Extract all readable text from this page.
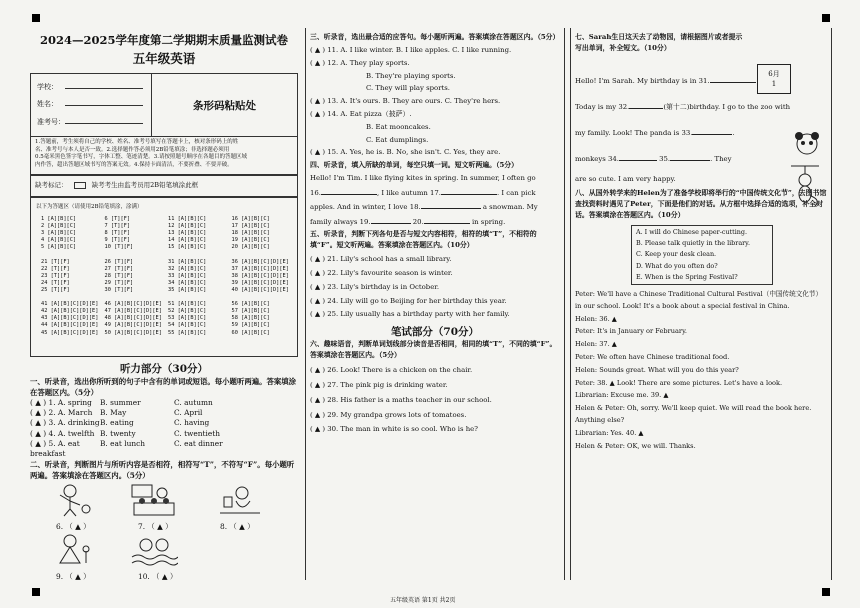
2024—2025学年度第二学期期末质量监测试卷
五年级英语
学校：
姓名：
准考号：
条形码粘贴处
1.答题前，考生须将自己的学校、姓名、准考号填写在答题卡上，核对条形码上的姓
名、准考号与本人是否一致。2.选择题作答必须用2B铅笔填涂；非选择题必须用
0.5毫米黑色签字笔书写，字体工整、笔迹清楚。3.请按照题号顺序在各题目的答题区域
内作答，超出答题区域书写的答案无效。4.保持卡面清洁，不要折叠、不要弄破。
缺考标记：	缺考考生由监考员用2B铅笔填涂此框
以下为答题区（请使用2B铅笔填涂，涂满）
1 [A][B][C]
2 [A][B][C]
3 [A][B][C]
4 [A][B][C]
5 [A][B][C]
21 [T][F]
22 [T][F]
23 [T][F]
24 [T][F]
25 [T][F]
41 [A][B][C][D][E]
42 [A][B][C][D][E]
43 [A][B][C][D][E]
44 [A][B][C][D][E]
45 [A][B][C][D][E]
6 [T][F]
7 [T][F]
8 [T][F]
9 [T][F]
10 [T][F]
26 [T][F]
27 [T][F]
28 [T][F]
29 [T][F]
30 [T][F]
46 [A][B][C][D][E]
47 [A][B][C][D][E]
48 [A][B][C][D][E]
49 [A][B][C][D][E]
50 [A][B][C][D][E]
11 [A][B][C]
12 [A][B][C]
13 [A][B][C]
14 [A][B][C]
15 [A][B][C]
31 [A][B][C]
32 [A][B][C]
33 [A][B][C]
34 [A][B][C]
35 [A][B][C]
51 [A][B][C]
52 [A][B][C]
53 [A][B][C]
54 [A][B][C]
55 [A][B][C]
16 [A][B][C]
17 [A][B][C]
18 [A][B][C]
19 [A][B][C]
20 [A][B][C]
36 [A][B][C][D][E]
37 [A][B][C][D][E]
38 [A][B][C][D][E]
39 [A][B][C][D][E]
40 [A][B][C][D][E]
56 [A][B][C]
57 [A][B][C]
58 [A][B][C]
59 [A][B][C]
60 [A][B][C]
听力部分（30分）
一、听录音，选出你所听到的句子中含有的单词或短语。每小题听两遍。答案填涂在答题区内。（5分）
( ▲ ) 1. A. spring	B. summer	C. autumn
( ▲ ) 2. A. March	B. May	C. April
( ▲ ) 3. A. drinking B. eating	C. having
( ▲ ) 4. A. twelfth B. twenty	C. twentieth
( ▲ ) 5. A. eat breakfast
B. eat lunch	C. eat dinner
二、听录音，判断图片与所听内容是否相符，相符写“T”，不符写“F”。每小题听两遍。答案填涂在答题区内。（5分）
6. （ ▲ ）	7. （ ▲ ）	8. （ ▲ ）
9. （ ▲ ）	10. （ ▲ ）
三、听录音，选出最合适的应答句。每小题听两遍。答案填涂在答题区内。（5分）
( ▲ ) 11. A. I like winter. B. I like apples. C. I like running.
( ▲ ) 12. A. They play sports.
B. They're playing sports.
C. They will play sports.
( ▲ ) 13. A. It's ours. B. They are ours. C. They're hers.
( ▲ ) 14. A. Eat pizza（披萨）.
B. Eat mooncakes.
C. Eat dumplings.
( ▲ ) 15. A. Yes, he is. B. No, she isn't. C. Yes, they are.
四、听录音，填入所缺的单词，每空只填一词。短文听两遍。（5分）
Hello! I'm Tim. I like flying kites in spring. In summer, I often go
16.	, I like autumn 17.	. I can pick
apples. And in winter, I love 18.	a snowman. My
family always 19.	20.	in spring.
五、听录音，判断下列各句是否与短文内容相符，相符的填“T”，不相符的填“F”。短文听两遍。答案填涂在答题区内。（10分）
( ▲ ) 21. Lily's school has a small library.
( ▲ ) 22. Lily's favourite season is winter.
( ▲ ) 23. Lily's birthday is in October.
( ▲ ) 24. Lily will go to Beijing for her birthday this year.
( ▲ ) 25. Lily usually has a birthday party with her family.
笔试部分（70分）
六、趣味语音，判断单词划线部分读音是否相同，相同的填“T”，不同的填“F”。答案填涂在答题区内。（5分）
( ▲ ) 26. Look! There is a chicken on the chair.
( ▲ ) 27. The pink pig is drinking water.
( ▲ ) 28. His father is a maths teacher in our school.
( ▲ ) 29. My grandpa grows lots of tomatoes.
( ▲ ) 30. The man in white is so cool. Who is he?
七、Sarah生日这天去了动物园，请根据图片或者提示写出单词，补全短文。（10分）
6月
1
Hello! I'm Sarah. My birthday is in 31.
Today is my 32.	(第十二)birthday. I go to the zoo with
my family. Look! The panda is 33.	.
monkeys 34.	35.	. They
are so cute. I am very happy.
八、从国外转学来的Helen为了准备学校即将举行的“中国传统文化节”，去图书馆查找资料时遇见了Peter，下面是他们的对话。从方框中选择合适的选项，补全对话。答案填涂在答题区内。（10分）
A. I will do Chinese paper-cutting.
B. Please talk quietly in the library.
C. Keep your desk clean.
D. What do you often do?
E. When is the Spring Festival?
Peter: We'll have a Chinese Traditional Cultural Festival（中国传统文化节）in our school. Look! It's a book about a special festival in China.
Helen: 36. ▲
Peter: It's in January or February.
Helen: 37. ▲
Peter: We often have Chinese traditional food.
Helen: Sounds great. What will you do this year?
Peter: 38. ▲ Look! There are some pictures. Let's have a look.
Librarian: Excuse me. 39. ▲
Helen & Peter: Oh, sorry. We'll keep quiet. We will read the book here. Anything else?
Librarian: Yes. 40. ▲
Helen & Peter: OK, we will. Thanks.
五年级英语 第1页 共2页
